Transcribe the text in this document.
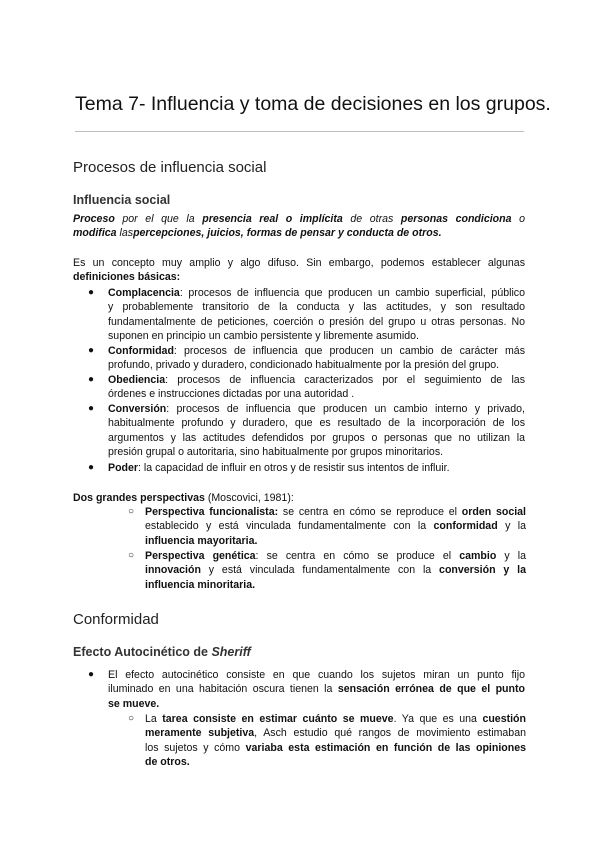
Tema 7- Influencia y toma de decisiones en los grupos.
Procesos de influencia social
Influencia social
Proceso por el que la presencia real o implícita de otras personas condiciona o
modifica laspercepciones, juicios, formas de pensar y conducta de otros.
Es un concepto muy amplio y algo difuso. Sin embargo, podemos establecer algunas
definiciones básicas:
● Complacencia: procesos de influencia que producen un cambio superficial, público
y probablemente transitorio de la conducta y las actitudes, y son resultado
fundamentalmente de peticiones, coerción o presión del grupo u otras personas. No
suponen en principio un cambio persistente y libremente asumido.
● Conformidad: procesos de influencia que producen un cambio de carácter más
profundo, privado y duradero, condicionado habitualmente por la presión del grupo.
● Obediencia: procesos de influencia caracterizados por el seguimiento de las
órdenes e instrucciones dictadas por una autoridad .
● Conversión: procesos de influencia que producen un cambio interno y privado,
habitualmente profundo y duradero, que es resultado de la incorporación de los
argumentos y las actitudes defendidos por grupos o personas que no utilizan la
presión grupal o autoritaria, sino habitualmente por grupos minoritarios.
● Poder: la capacidad de influir en otros y de resistir sus intentos de influir.
Dos grandes perspectivas (Moscovici, 1981):
○ Perspectiva funcionalista: se centra en cómo se reproduce el orden social
establecido y está vinculada fundamentalmente con la conformidad y la
influencia mayoritaria.
○ Perspectiva genética: se centra en cómo se produce el cambio y la
innovación y está vinculada fundamentalmente con la conversión y la
influencia minoritaria.
Conformidad
Efecto Autocinético de Sheriff
● El efecto autocinético consiste en que cuando los sujetos miran un punto fijo
iluminado en una habitación oscura tienen la sensación errónea de que el punto
se mueve.
○ La tarea consiste en estimar cuánto se mueve. Ya que es una cuestión
meramente subjetiva, Asch estudio qué rangos de movimiento estimaban
los sujetos y cómo variaba esta estimación en función de las opiniones
de otros.
